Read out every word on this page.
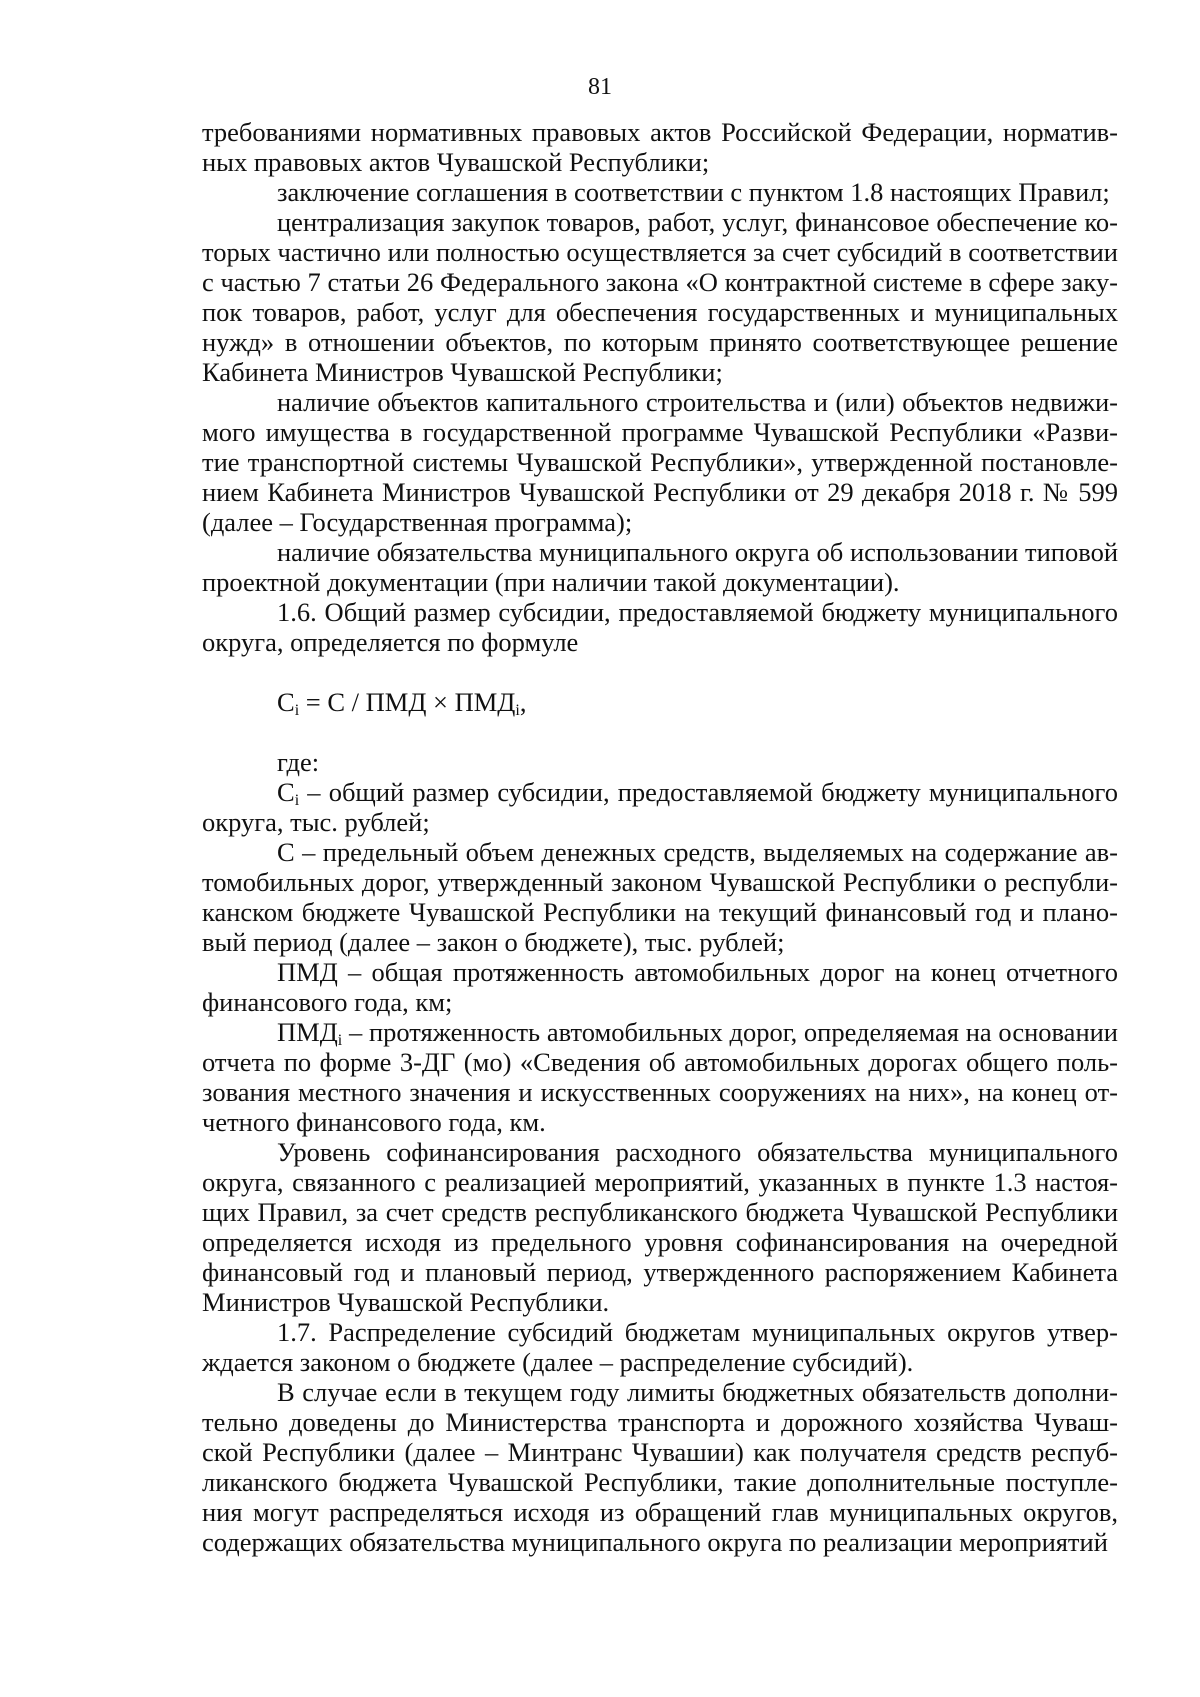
81

требованиями нормативных правовых актов Российской Федерации, нормативных правовых актов Чувашской Республики;

заключение соглашения в соответствии с пунктом 1.8 настоящих Правил;

централизация закупок товаров, работ, услуг, финансовое обеспечение которых частично или полностью осуществляется за счет субсидий в соответствии с частью 7 статьи 26 Федерального закона «О контрактной системе в сфере закупок товаров, работ, услуг для обеспечения государственных и муниципальных нужд» в отношении объектов, по которым принято соответствующее решение Кабинета Министров Чувашской Республики;

наличие объектов капитального строительства и (или) объектов недвижимого имущества в государственной программе Чувашской Республики «Развитие транспортной системы Чувашской Республики», утвержденной постановлением Кабинета Министров Чувашской Республики от 29 декабря 2018 г. № 599 (далее – Государственная программа);

наличие обязательства муниципального округа об использовании типовой проектной документации (при наличии такой документации).

1.6. Общий размер субсидии, предоставляемой бюджету муниципального округа, определяется по формуле

$C_i = C$ / ПМД × $ПМД_i$,
где:

$C_i$ – общий размер субсидии, предоставляемой бюджету муниципального округа, тыс. рублей;

С – предельный объем денежных средств, выделяемых на содержание автомобильных дорог, утвержденный законом Чувашской Республики о республиканском бюджете Чувашской Республики на текущий финансовый год и плановый период (далее – закон о бюджете), тыс. рублей;

ПМД – общая протяженность автомобильных дорог на конец отчетного финансового года, км;

$ПМД_i$ – протяженность автомобильных дорог, определяемая на основании отчета по форме 3-ДГ (мо) «Сведения об автомобильных дорогах общего пользования местного значения и искусственных сооружениях на них», на конец отчетного финансового года, км.

Уровень софинансирования расходного обязательства муниципального округа, связанного с реализацией мероприятий, указанных в пункте 1.3 настоящих Правил, за счет средств республиканского бюджета Чувашской Республики определяется исходя из предельного уровня софинансирования на очередной финансовый год и плановый период, утвержденного распоряжением Кабинета Министров Чувашской Республики.

1.7. Распределение субсидий бюджетам муниципальных округов утверждается законом о бюджете (далее – распределение субсидий).

В случае если в текущем году лимиты бюджетных обязательств дополнительно доведены до Министерства транспорта и дорожного хозяйства Чувашской Республики (далее – Минтранс Чувашии) как получателя средств республиканского бюджета Чувашской Республики, такие дополнительные поступления могут распределяться исходя из обращений глав муниципальных округов, содержащих обязательства муниципального округа по реализации мероприятий
